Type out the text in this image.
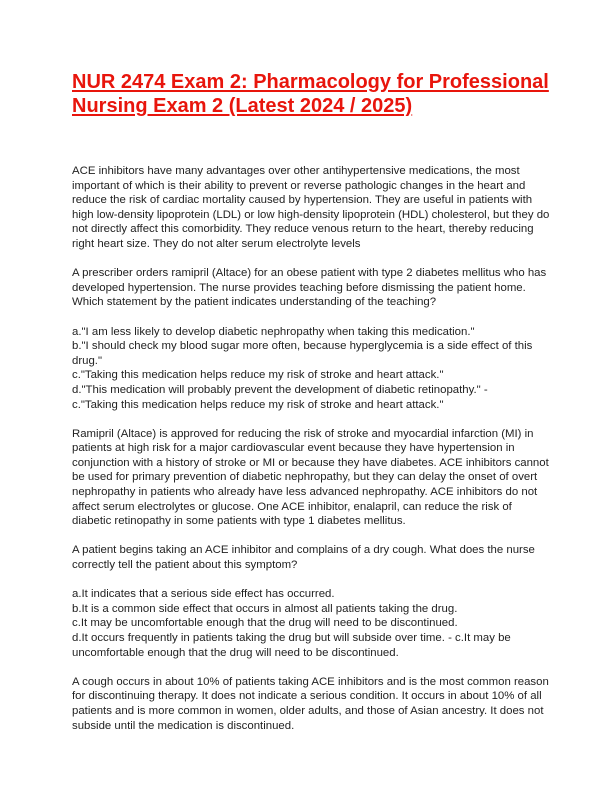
NUR 2474 Exam 2: Pharmacology for Professional
Nursing Exam 2 (Latest 2024 / 2025)

ACE inhibitors have many advantages over other antihypertensive medications, the most important of which is their ability to prevent or reverse pathologic changes in the heart and reduce the risk of cardiac mortality caused by hypertension. They are useful in patients with high low-density lipoprotein (LDL) or low high-density lipoprotein (HDL) cholesterol, but they do not directly affect this comorbidity. They reduce venous return to the heart, thereby reducing right heart size. They do not alter serum electrolyte levels

A prescriber orders ramipril (Altace) for an obese patient with type 2 diabetes mellitus who has developed hypertension. The nurse provides teaching before dismissing the patient home. Which statement by the patient indicates understanding of the teaching?

a."I am less likely to develop diabetic nephropathy when taking this medication."
b."I should check my blood sugar more often, because hyperglycemia is a side effect of this drug."
c."Taking this medication helps reduce my risk of stroke and heart attack."
d."This medication will probably prevent the development of diabetic retinopathy." -
c."Taking this medication helps reduce my risk of stroke and heart attack."

Ramipril (Altace) is approved for reducing the risk of stroke and myocardial infarction (MI) in patients at high risk for a major cardiovascular event because they have hypertension in conjunction with a history of stroke or MI or because they have diabetes. ACE inhibitors cannot be used for primary prevention of diabetic nephropathy, but they can delay the onset of overt nephropathy in patients who already have less advanced nephropathy. ACE inhibitors do not affect serum electrolytes or glucose. One ACE inhibitor, enalapril, can reduce the risk of diabetic retinopathy in some patients with type 1 diabetes mellitus.

A patient begins taking an ACE inhibitor and complains of a dry cough. What does the nurse correctly tell the patient about this symptom?

a.It indicates that a serious side effect has occurred.
b.It is a common side effect that occurs in almost all patients taking the drug.
c.It may be uncomfortable enough that the drug will need to be discontinued.
d.It occurs frequently in patients taking the drug but will subside over time. - c.It may be uncomfortable enough that the drug will need to be discontinued.

A cough occurs in about 10% of patients taking ACE inhibitors and is the most common reason for discontinuing therapy. It does not indicate a serious condition. It occurs in about 10% of all patients and is more common in women, older adults, and those of Asian ancestry. It does not subside until the medication is discontinued.
